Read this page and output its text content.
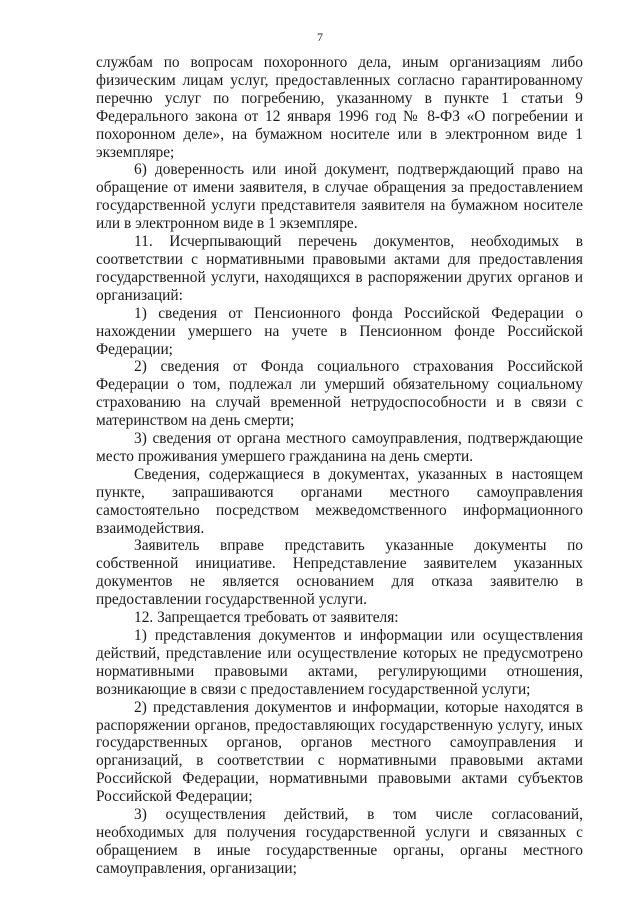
7

службам по вопросам похоронного дела, иным организациям либо физическим лицам услуг, предоставленных согласно гарантированному перечню услуг по погребению, указанному в пункте 1 статьи 9 Федерального закона от 12 января 1996 год № 8-ФЗ «О погребении и похоронном деле», на бумажном носителе или в электронном виде 1 экземпляре;

6) доверенность или иной документ, подтверждающий право на обращение от имени заявителя, в случае обращения за предоставлением государственной услуги представителя заявителя на бумажном носителе или в электронном виде в 1 экземпляре.

11. Исчерпывающий перечень документов, необходимых в соответствии с нормативными правовыми актами для предоставления государственной услуги, находящихся в распоряжении других органов и организаций:

1) сведения от Пенсионного фонда Российской Федерации о нахождении умершего на учете в Пенсионном фонде Российской Федерации;

2) сведения от Фонда социального страхования Российской Федерации о том, подлежал ли умерший обязательному социальному страхованию на случай временной нетрудоспособности и в связи с материнством на день смерти;

3) сведения от органа местного самоуправления, подтверждающие место проживания умершего гражданина на день смерти.

Сведения, содержащиеся в документах, указанных в настоящем пункте, запрашиваются органами местного самоуправления самостоятельно посредством межведомственного информационного взаимодействия.

Заявитель вправе представить указанные документы по собственной инициативе. Непредставление заявителем указанных документов не является основанием для отказа заявителю в предоставлении государственной услуги.

12. Запрещается требовать от заявителя:

1) представления документов и информации или осуществления действий, представление или осуществление которых не предусмотрено нормативными правовыми актами, регулирующими отношения, возникающие в связи с предоставлением государственной услуги;

2) представления документов и информации, которые находятся в распоряжении органов, предоставляющих государственную услугу, иных государственных органов, органов местного самоуправления и организаций, в соответствии с нормативными правовыми актами Российской Федерации, нормативными правовыми актами субъектов Российской Федерации;

3) осуществления действий, в том числе согласований, необходимых для получения государственной услуги и связанных с обращением в иные государственные органы, органы местного самоуправления, организации;
